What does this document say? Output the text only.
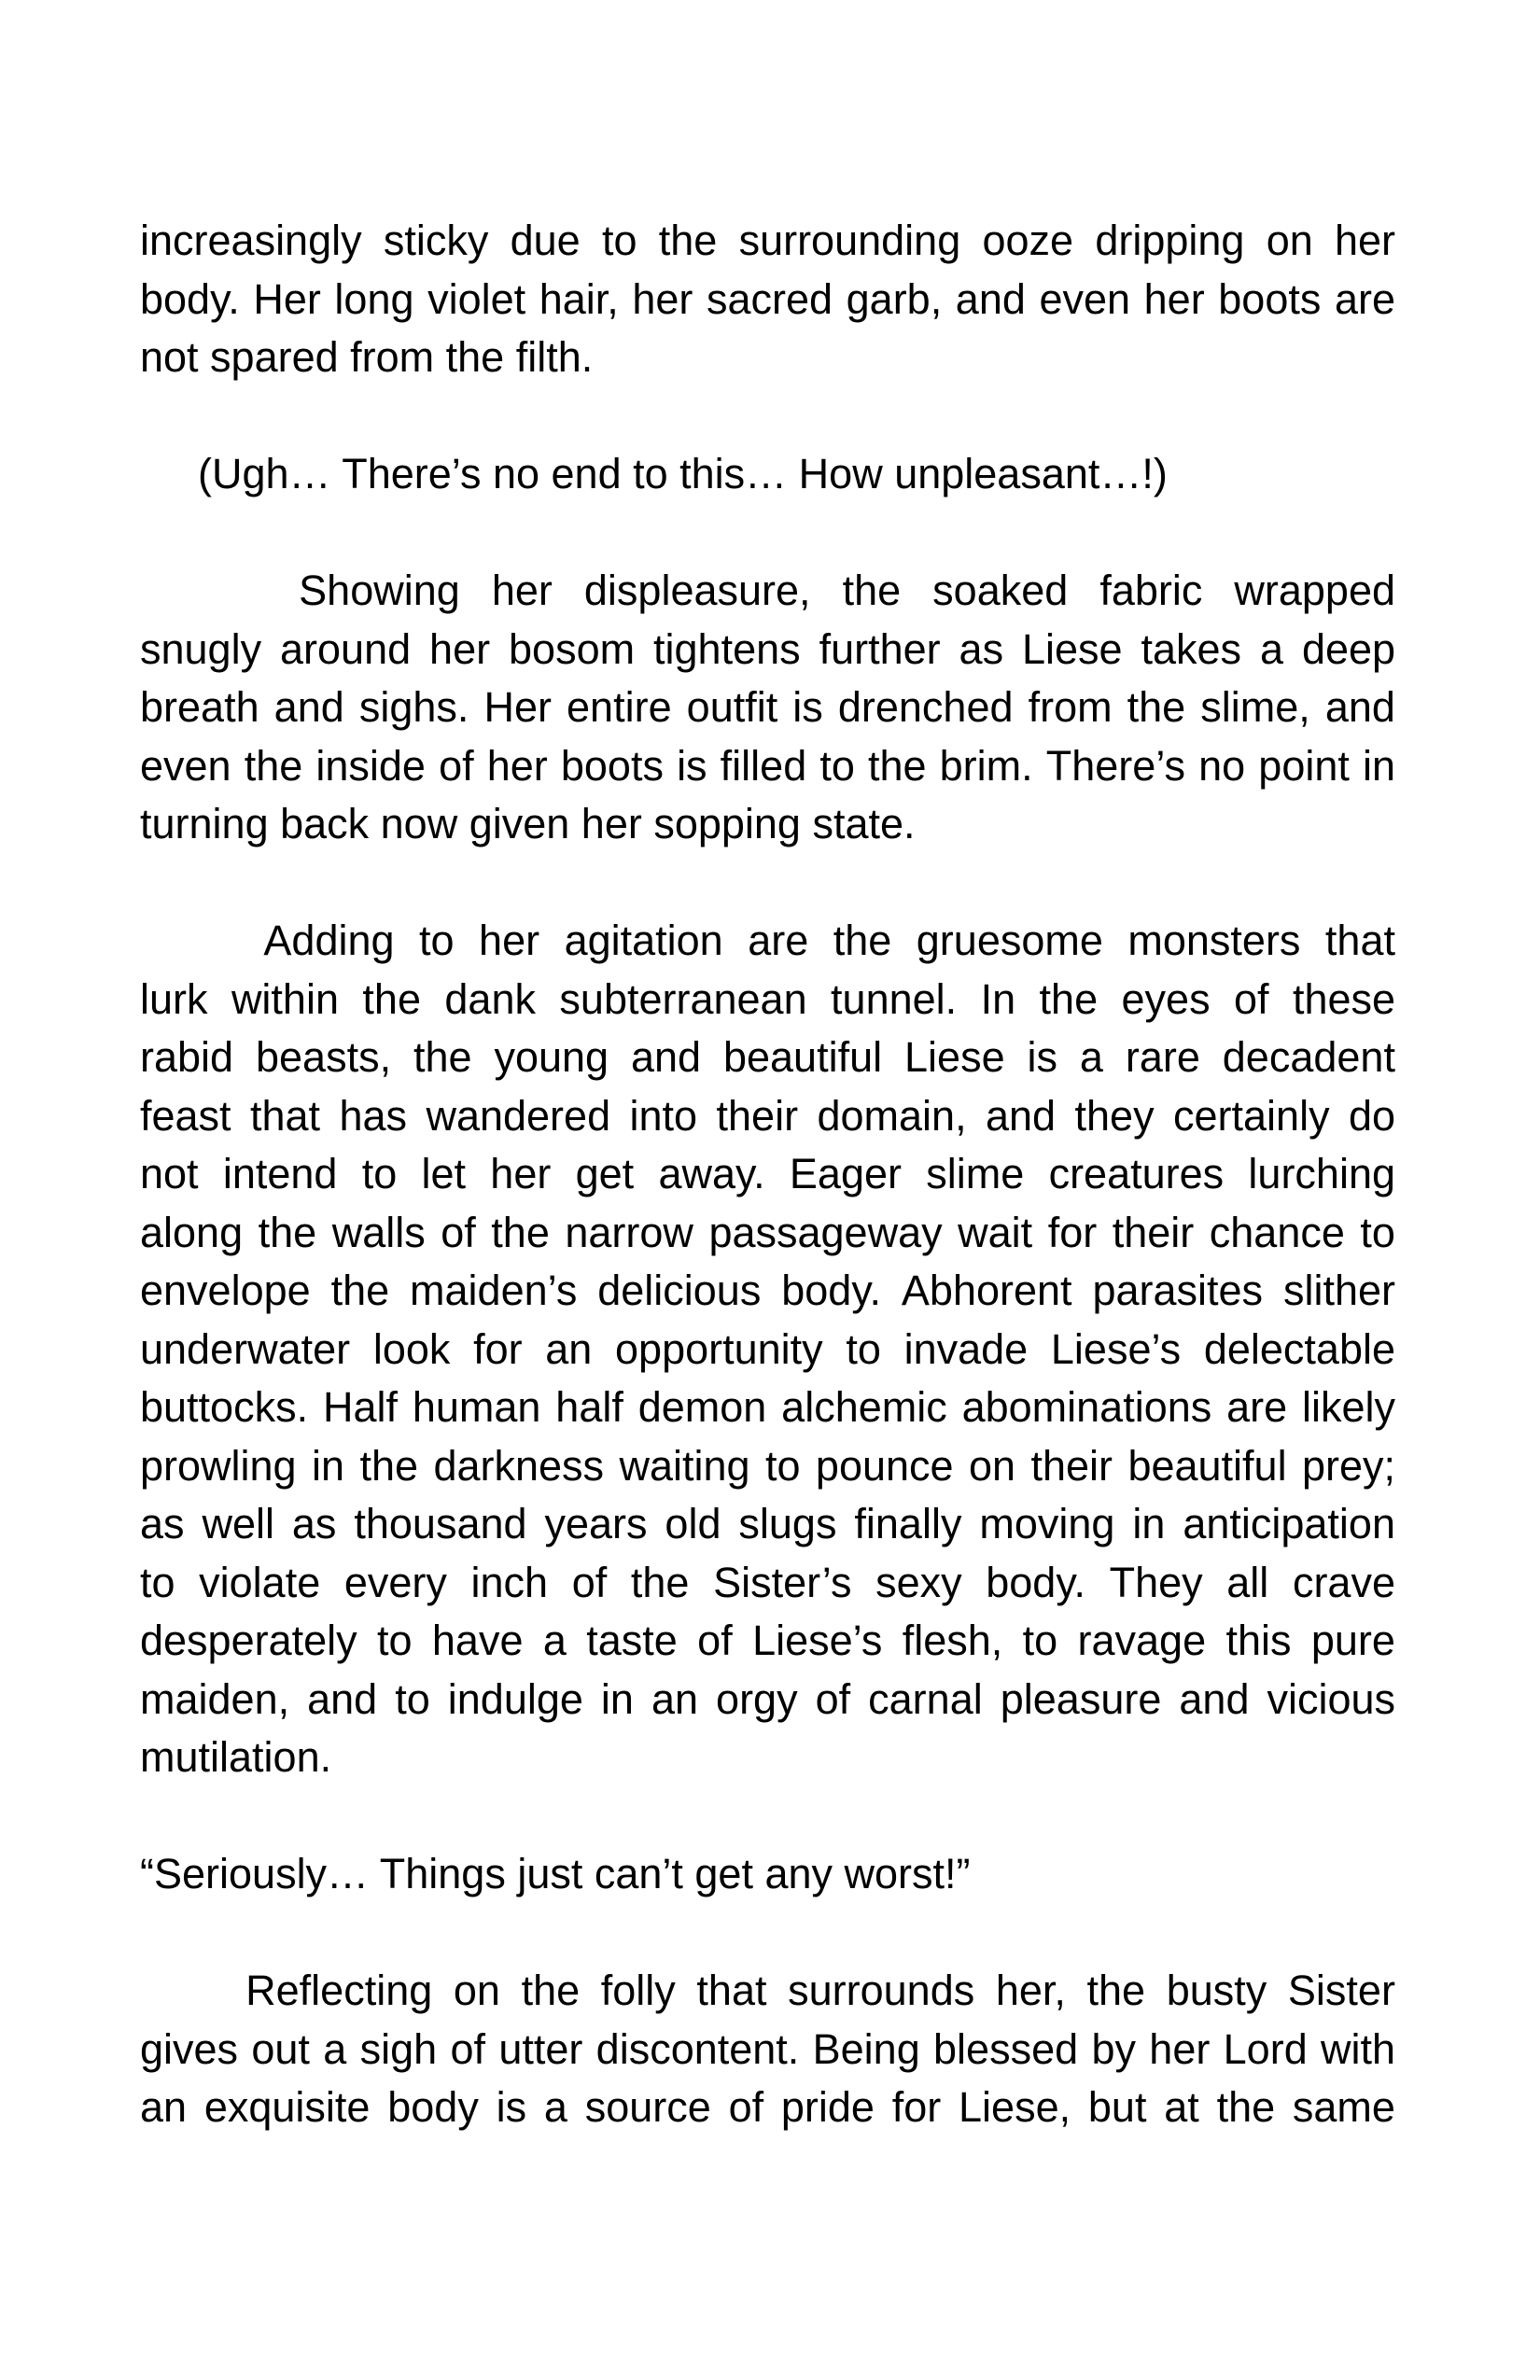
increasingly sticky due to the surrounding ooze dripping on her
body. Her long violet hair, her sacred garb, and even her boots are
not spared from the filth.
(Ugh… There’s no end to this… How unpleasant…!)
Showing her displeasure, the soaked fabric wrapped
snugly around her bosom tightens further as Liese takes a deep
breath and sighs. Her entire outfit is drenched from the slime, and
even the inside of her boots is filled to the brim. There’s no point in
turning back now given her sopping state.
Adding to her agitation are the gruesome monsters that
lurk within the dank subterranean tunnel. In the eyes of these
rabid beasts, the young and beautiful Liese is a rare decadent
feast that has wandered into their domain, and they certainly do
not intend to let her get away. Eager slime creatures lurching
along the walls of the narrow passageway wait for their chance to
envelope the maiden’s delicious body. Abhorent parasites slither
underwater look for an opportunity to invade Liese’s delectable
buttocks. Half human half demon alchemic abominations are likely
prowling in the darkness waiting to pounce on their beautiful prey;
as well as thousand years old slugs finally moving in anticipation
to violate every inch of the Sister’s sexy body. They all crave
desperately to have a taste of Liese’s flesh, to ravage this pure
maiden, and to indulge in an orgy of carnal pleasure and vicious
mutilation.
“Seriously… Things just can’t get any worst!”
Reflecting on the folly that surrounds her, the busty Sister
gives out a sigh of utter discontent. Being blessed by her Lord with
an exquisite body is a source of pride for Liese, but at the same
